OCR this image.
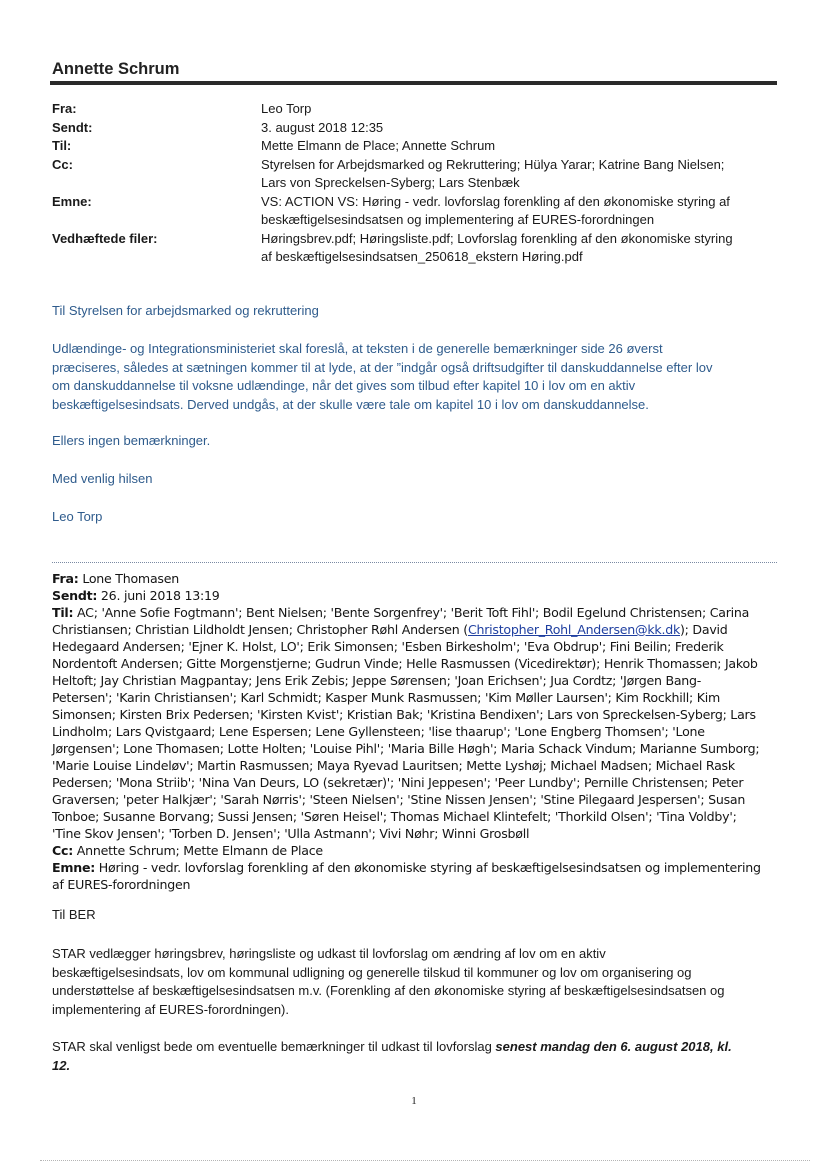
Annette Schrum
Fra:	Leo Torp
Sendt:	3. august 2018 12:35
Til:	Mette Elmann de Place; Annette Schrum
Cc:	Styrelsen for Arbejdsmarked og Rekruttering; Hülya Yarar; Katrine Bang Nielsen;
Lars von Spreckelsen-Syberg; Lars Stenbæk
Emne:	VS: ACTION VS: Høring - vedr. lovforslag forenkling af den økonomiske styring af
beskæftigelsesindsatsen og implementering af EURES-forordningen
Vedhæftede filer:	Høringsbrev.pdf; Høringsliste.pdf; Lovforslag forenkling af den økonomiske styring
af beskæftigelsesindsatsen_250618_ekstern Høring.pdf
Til Styrelsen for arbejdsmarked og rekruttering
Udlændinge- og Integrationsministeriet skal foreslå, at teksten i de generelle bemærkninger side 26 øverst
præciseres, således at sætningen kommer til at lyde, at der ”indgår også driftsudgifter til danskuddannelse efter lov
om danskuddannelse til voksne udlændinge, når det gives som tilbud efter kapitel 10 i lov om en aktiv
beskæftigelsesindsats. Derved undgås, at der skulle være tale om kapitel 10 i lov om danskuddannelse.
Ellers ingen bemærkninger.
Med venlig hilsen
Leo Torp
Fra: Lone Thomasen
Sendt: 26. juni 2018 13:19
Til: AC; 'Anne Sofie Fogtmann'; Bent Nielsen; 'Bente Sorgenfrey'; 'Berit Toft Fihl'; Bodil Egelund Christensen; Carina
Christiansen; Christian Lildholdt Jensen; Christopher Røhl Andersen (Christopher_Rohl_Andersen@kk.dk); David
Hedegaard Andersen; 'Ejner K. Holst, LO'; Erik Simonsen; 'Esben Birkesholm'; 'Eva Obdrup'; Fini Beilin; Frederik
Nordentoft Andersen; Gitte Morgenstjerne; Gudrun Vinde; Helle Rasmussen (Vicedirektør); Henrik Thomassen; Jakob
Heltoft; Jay Christian Magpantay; Jens Erik Zebis; Jeppe Sørensen; 'Joan Erichsen'; Jua Cordtz; 'Jørgen Bang-
Petersen'; 'Karin Christiansen'; Karl Schmidt; Kasper Munk Rasmussen; 'Kim Møller Laursen'; Kim Rockhill; Kim
Simonsen; Kirsten Brix Pedersen; 'Kirsten Kvist'; Kristian Bak; 'Kristina Bendixen'; Lars von Spreckelsen-Syberg; Lars
Lindholm; Lars Qvistgaard; Lene Espersen; Lene Gyllensteen; 'lise thaarup'; 'Lone Engberg Thomsen'; 'Lone
Jørgensen'; Lone Thomasen; Lotte Holten; 'Louise Pihl'; 'Maria Bille Høgh'; Maria Schack Vindum; Marianne Sumborg;
'Marie Louise Lindeløv'; Martin Rasmussen; Maya Ryevad Lauritsen; Mette Lyshøj; Michael Madsen; Michael Rask
Pedersen; 'Mona Striib'; 'Nina Van Deurs, LO (sekretær)'; 'Nini Jeppesen'; 'Peer Lundby'; Pernille Christensen; Peter
Graversen; 'peter Halkjær'; 'Sarah Nørris'; 'Steen Nielsen'; 'Stine Nissen Jensen'; 'Stine Pilegaard Jespersen'; Susan
Tonboe; Susanne Borvang; Sussi Jensen; 'Søren Heisel'; Thomas Michael Klintefelt; 'Thorkild Olsen'; 'Tina Voldby';
'Tine Skov Jensen'; 'Torben D. Jensen'; 'Ulla Astmann'; Vivi Nøhr; Winni Grosbøll
Cc: Annette Schrum; Mette Elmann de Place
Emne: Høring - vedr. lovforslag forenkling af den økonomiske styring af beskæftigelsesindsatsen og implementering
af EURES-forordningen
Til BER
STAR vedlægger høringsbrev, høringsliste og udkast til lovforslag om ændring af lov om en aktiv
beskæftigelsesindsats, lov om kommunal udligning og generelle tilskud til kommuner og lov om organisering og
understøttelse af beskæftigelsesindsatsen m.v. (Forenkling af den økonomiske styring af beskæftigelsesindsatsen og
implementering af EURES-forordningen).
STAR skal venligst bede om eventuelle bemærkninger til udkast til lovforslag senest mandag den 6. august 2018, kl.
12.
1
